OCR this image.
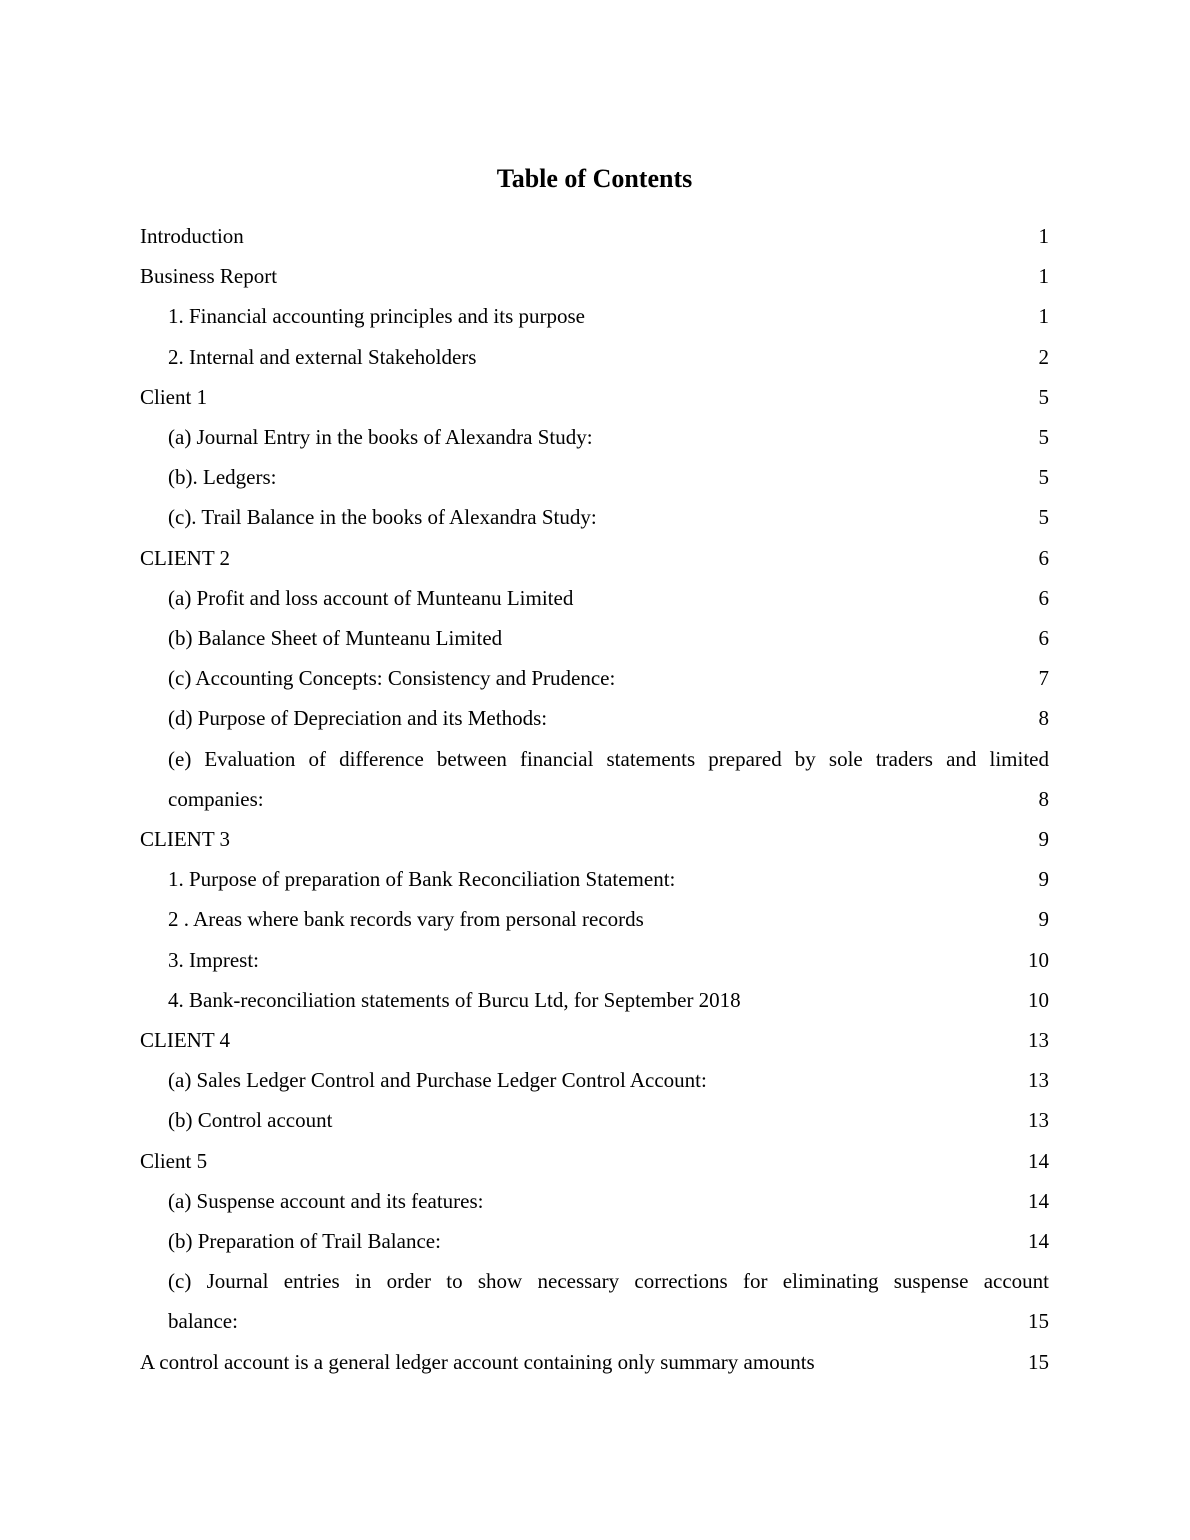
Table of Contents
Introduction .....	1
Business Report .....	1
1. Financial accounting principles and its purpose .....	1
2. Internal and external Stakeholders .....	2
Client 1 .....	5
(a) Journal Entry in the books of Alexandra Study: .....	5
(b). Ledgers: .....	5
(c). Trail Balance in the books of Alexandra Study: .....	5
CLIENT 2 .....	6
(a) Profit and loss account of Munteanu Limited .....	6
(b) Balance Sheet of Munteanu Limited .....	6
(c) Accounting Concepts: Consistency and Prudence: .....	7
(d) Purpose of Depreciation and its Methods: .....	8
(e) Evaluation of difference between financial statements prepared by sole traders and limited
companies: .....	8
CLIENT 3 .....	9
1. Purpose of preparation of Bank Reconciliation Statement: .....	9
2 . Areas where bank records vary from personal records .....	9
3. Imprest: .....	10
4. Bank-reconciliation statements of Burcu Ltd, for September 2018 .....	10
CLIENT 4 .....	13
(a) Sales Ledger Control and Purchase Ledger Control Account: .....	13
(b) Control account .....	13
Client 5 .....	14
(a) Suspense account and its features: .....	14
(b) Preparation of Trail Balance: .....	14
(c) Journal entries in order to show necessary corrections for eliminating suspense account
balance: .....	15
A control account is a general ledger account containing only summary amounts .....	15
